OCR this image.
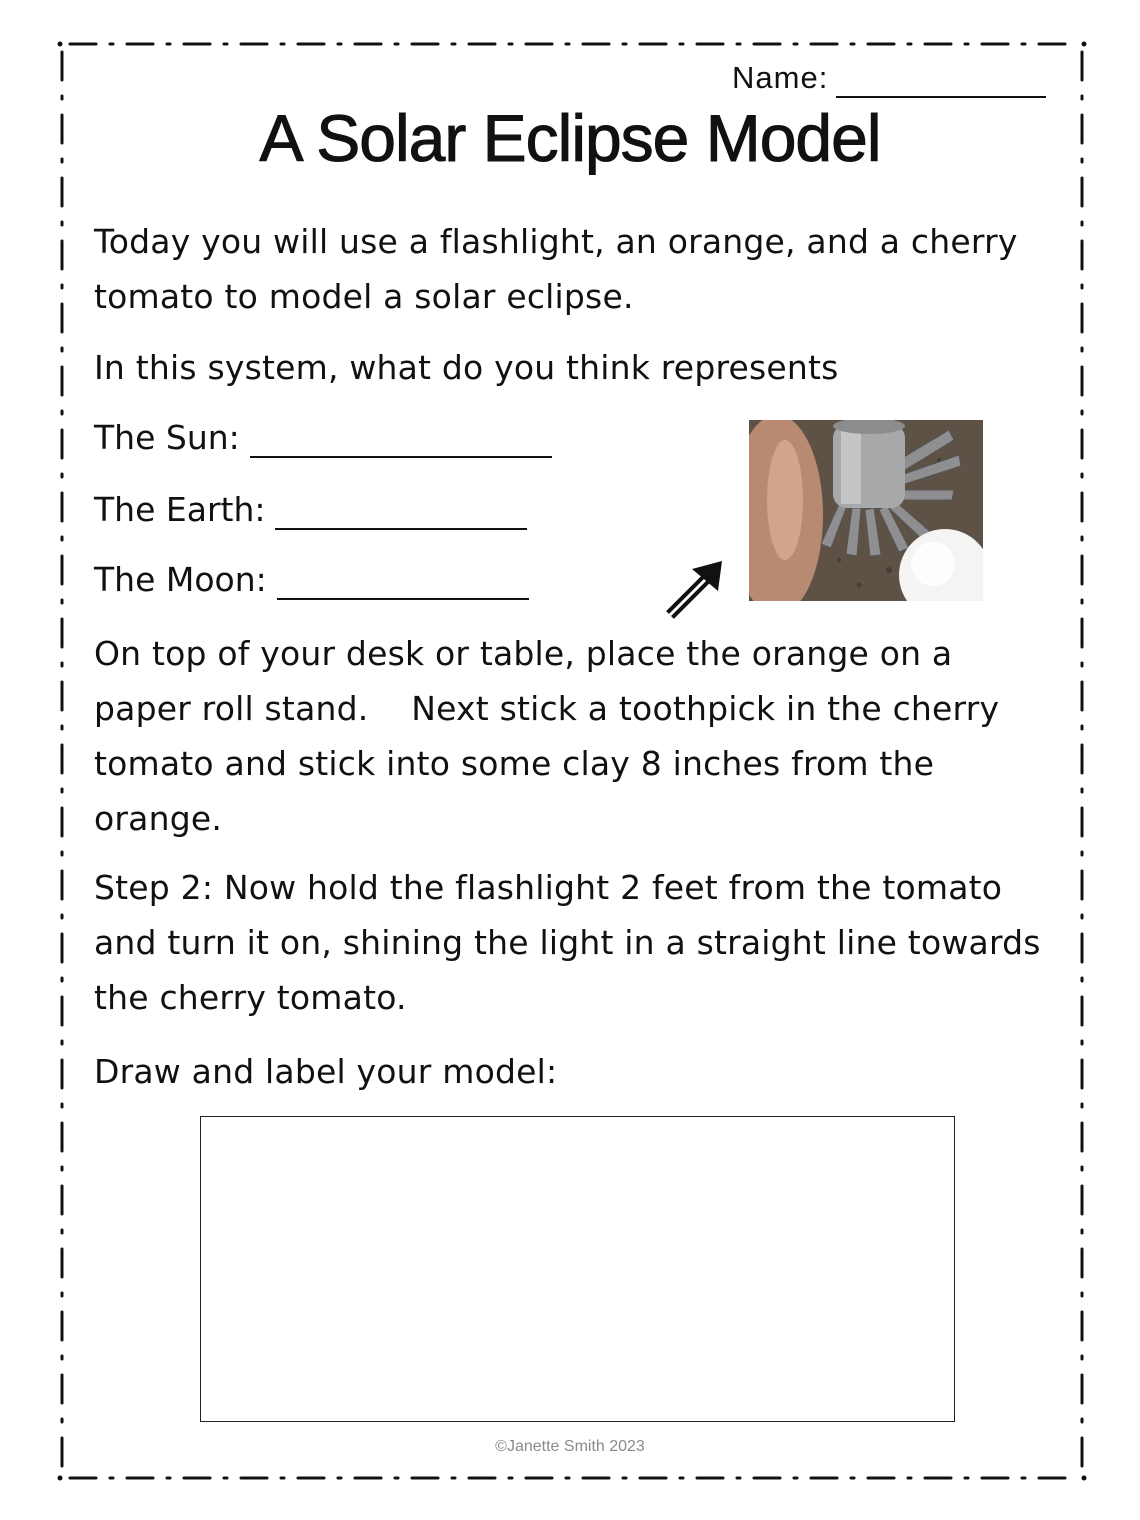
Name:
A Solar Eclipse Model

Today you will use a flashlight, an orange, and a cherry tomato to model a solar eclipse.

In this system, what do you think represents

The Sun:
The Earth:
The Moon:

On top of your desk or table, place the orange on a paper roll stand.    Next stick a toothpick in the cherry tomato and stick into some clay 8 inches from the orange.

Step 2: Now hold the flashlight 2 feet from the tomato and turn it on, shining the light in a straight line towards the cherry tomato.

Draw and label your model:

©Janette Smith 2023
